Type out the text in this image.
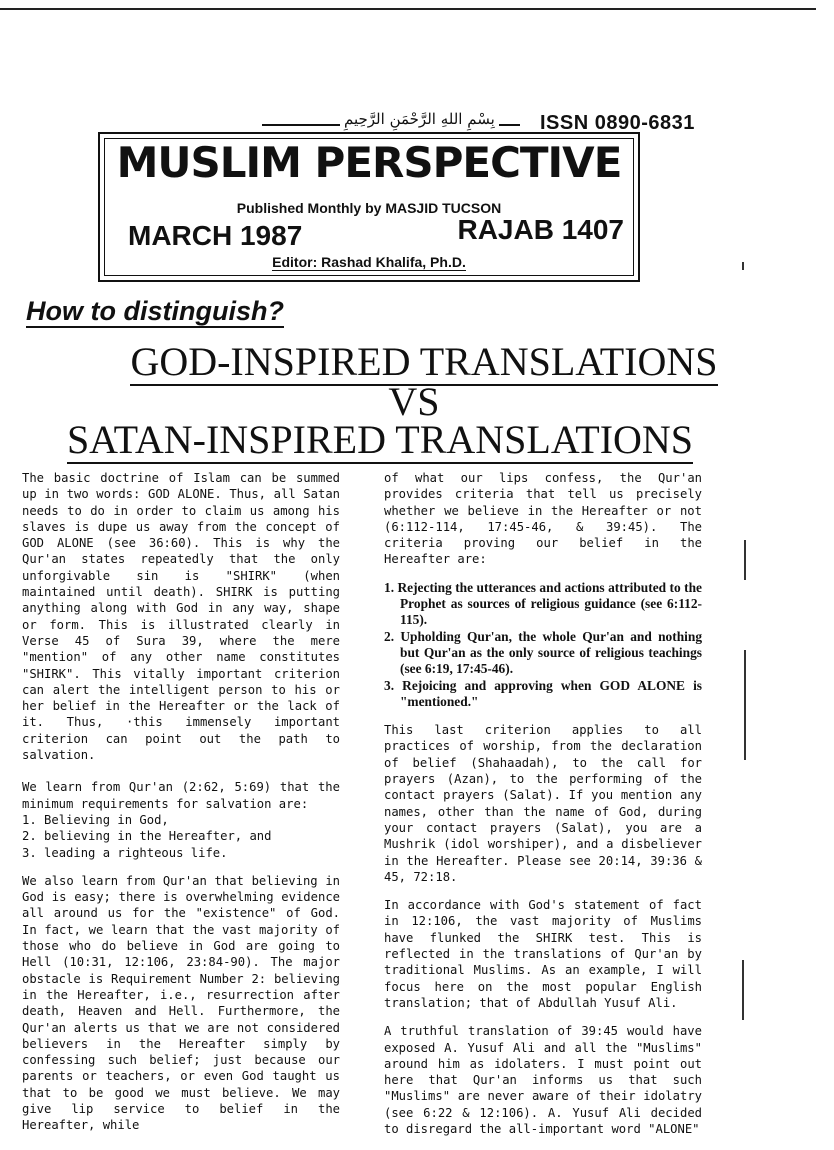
بِسْمِ اللهِ الرَّحْمَنِ الرَّحِيمِ ISSN 0890-6831
MUSLIM PERSPECTIVE
Published Monthly by MASJID TUCSON
MARCH 1987	RAJAB 1407
Editor: Rashad Khalifa, Ph.D.
How to distinguish?
GOD-INSPIRED TRANSLATIONS
VS
SATAN-INSPIRED TRANSLATIONS

The basic doctrine of Islam can be summed up in two words: GOD ALONE. Thus, all Satan needs to do in order to claim us among his slaves is dupe us away from the concept of GOD ALONE (see 36:60). This is why the Qur'an states repeatedly that the only unforgivable sin is "SHIRK" (when maintained until death). SHIRK is putting anything along with God in any way, shape or form. This is illustrated clearly in Verse 45 of Sura 39, where the mere "mention" of any other name constitutes "SHIRK". This vitally important criterion can alert the intelligent person to his or her belief in the Hereafter or the lack of it. Thus, ·this immensely important criterion can point out the path to salvation.

We learn from Qur'an (2:62, 5:69) that the minimum requirements for salvation are:

1. Believing in God,
2. believing in the Hereafter, and
3. leading a righteous life.

We also learn from Qur'an that believing in God is easy; there is overwhelming evidence all around us for the "existence" of God. In fact, we learn that the vast majority of those who do believe in God are going to Hell (10:31, 12:106, 23:84-90). The major obstacle is Requirement Number 2: believing in the Hereafter, i.e., resurrection after death, Heaven and Hell. Furthermore, the Qur'an alerts us that we are not considered believers in the Hereafter simply by confessing such belief; just because our parents or teachers, or even God taught us that to be good we must believe. We may give lip service to belief in the Hereafter, while

of what our lips confess, the Qur'an provides criteria that tell us precisely whether we believe in the Hereafter or not (6:112-114, 17:45-46, & 39:45). The criteria proving our belief in the Hereafter are:

1. Rejecting the utterances and actions attributed to the Prophet as sources of religious guidance (see 6:112-115).
2. Upholding Qur'an, the whole Qur'an and nothing but Qur'an as the only source of religious teachings (see 6:19, 17:45-46).
3. Rejoicing and approving when GOD ALONE is "mentioned."

This last criterion applies to all practices of worship, from the declaration of belief (Shahaadah), to the call for prayers (Azan), to the performing of the contact prayers (Salat). If you mention any names, other than the name of God, during your contact prayers (Salat), you are a Mushrik (idol worshiper), and a disbeliever in the Hereafter. Please see 20:14, 39:36 & 45, 72:18.

In accordance with God's statement of fact in 12:106, the vast majority of Muslims have flunked the SHIRK test. This is reflected in the translations of Qur'an by traditional Muslims. As an example, I will focus here on the most popular English translation; that of Abdullah Yusuf Ali.

A truthful translation of 39:45 would have exposed A. Yusuf Ali and all the "Muslims" around him as idolaters. I must point out here that Qur'an informs us that such "Muslims" are never aware of their idolatry (see 6:22 & 12:106). A. Yusuf Ali decided to disregard the all-important word "ALONE"
